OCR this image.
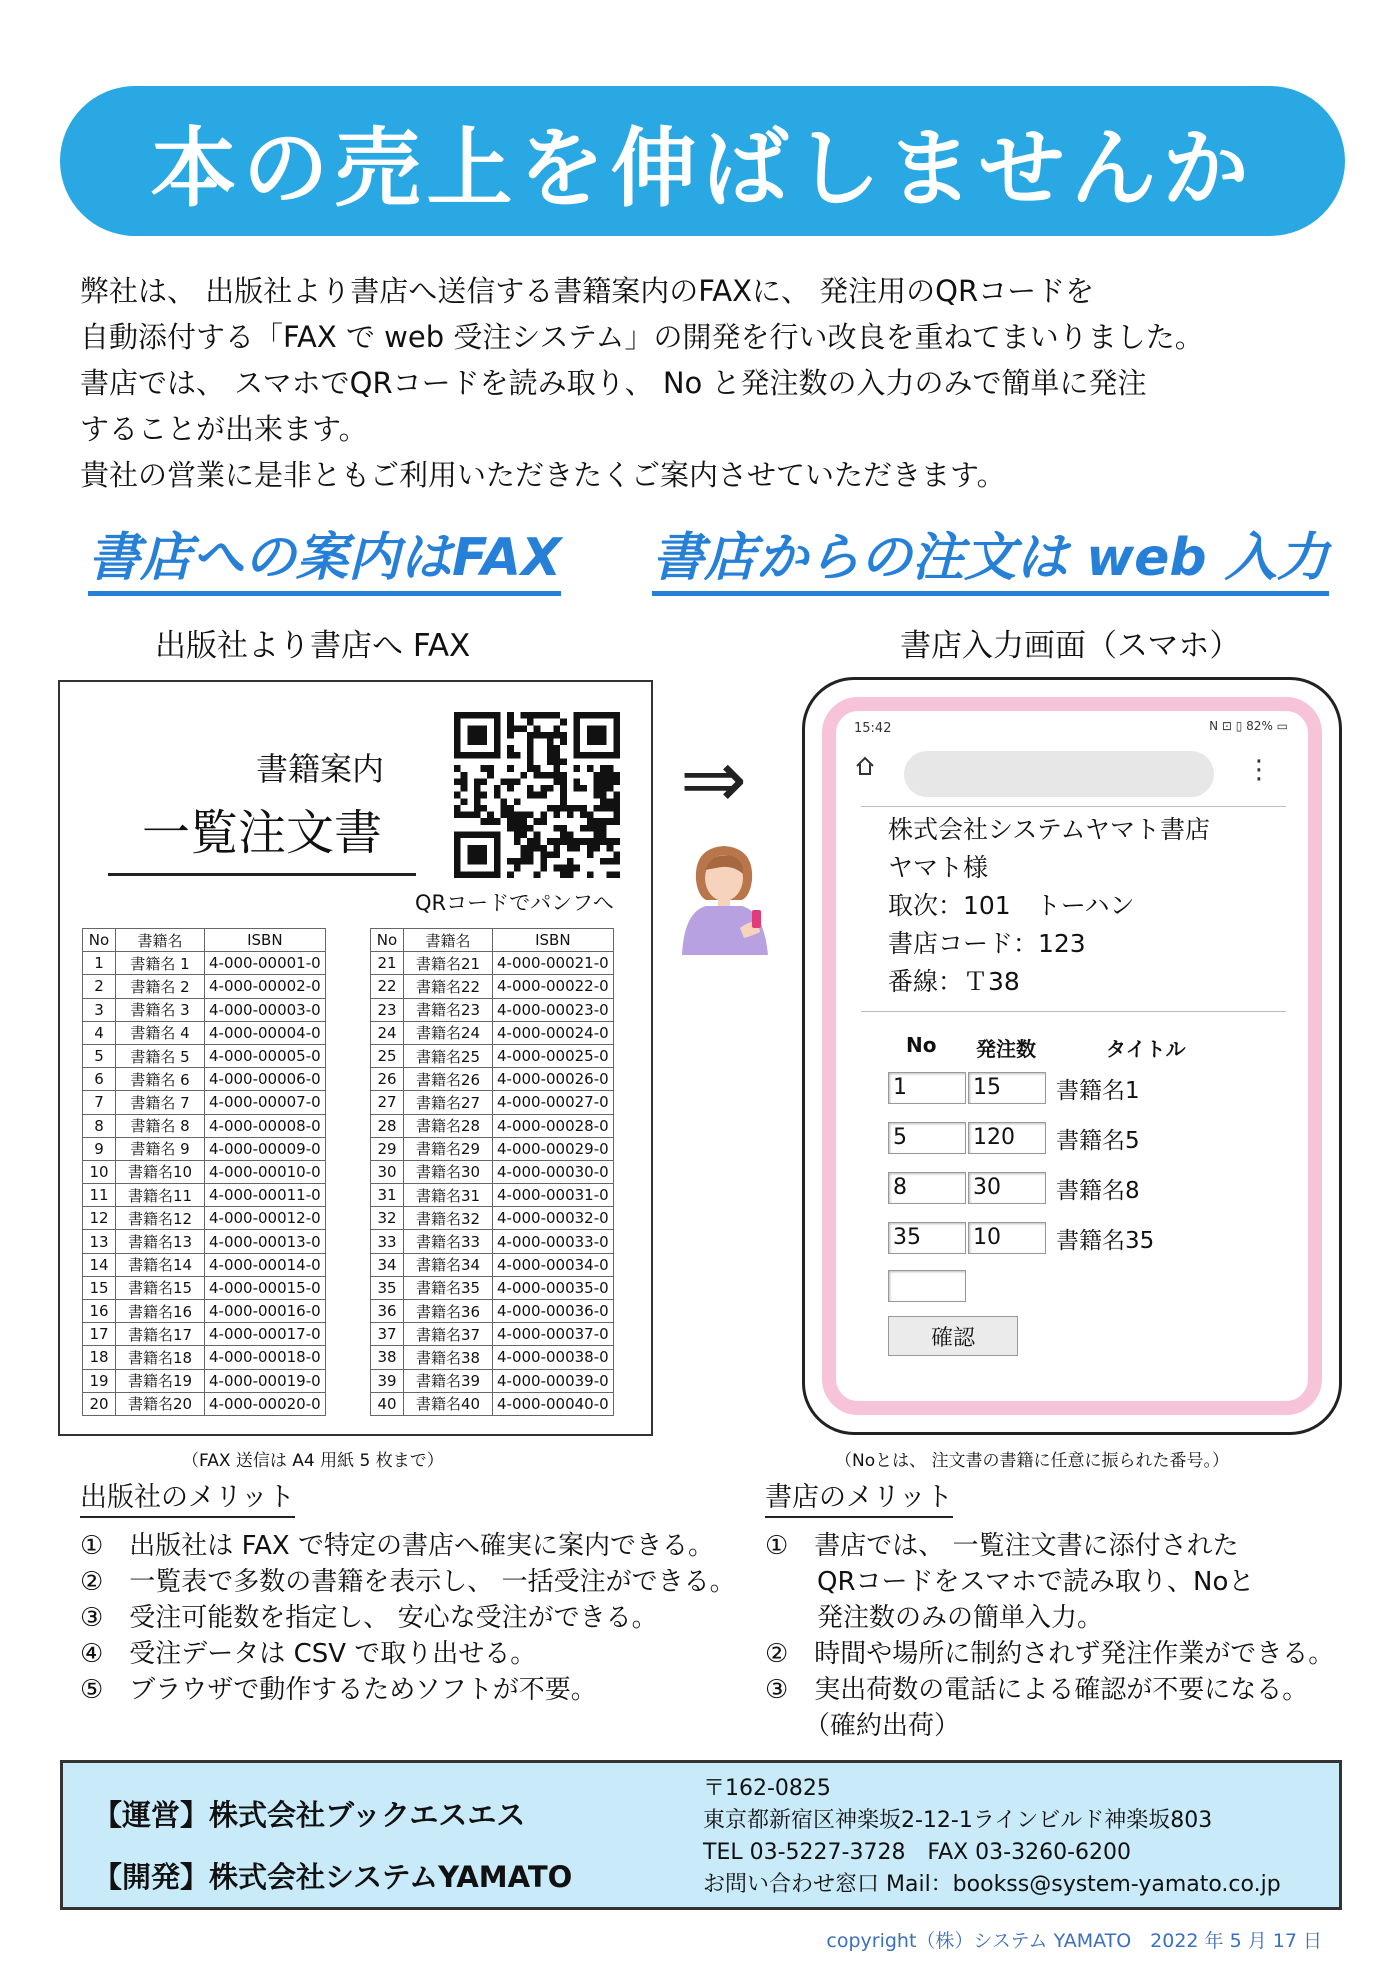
本の売上を伸ばしませんか
弊社は、 出版社より書店へ送信する書籍案内のFAXに、 発注用のQRコードを
自動添付する「FAX で web 受注システム」の開発を行い改良を重ねてまいりました。
書店では、 スマホでQRコードを読み取り、 No と発注数の入力のみで簡単に発注
することが出来ます。
貴社の営業に是非ともご利用いただきたくご案内させていただきます。
書店への案内はFAX 書店からの注文は web 入力
出版社より書店へ FAX	書店入力画面（スマホ）
書籍案内
一覧注文書
QRコードでパンフへ
No	書籍名	ISBN
1	書籍名 1	4-000-00001-0
2	書籍名 2	4-000-00002-0
3	書籍名 3	4-000-00003-0
4	書籍名 4	4-000-00004-0
5	書籍名 5	4-000-00005-0
6	書籍名 6	4-000-00006-0
7	書籍名 7	4-000-00007-0
8	書籍名 8	4-000-00008-0
9	書籍名 9	4-000-00009-0
10	書籍名10	4-000-00010-0
11	書籍名11	4-000-00011-0
12	書籍名12	4-000-00012-0
13	書籍名13	4-000-00013-0
14	書籍名14	4-000-00014-0
15	書籍名15	4-000-00015-0
16	書籍名16	4-000-00016-0
17	書籍名17	4-000-00017-0
18	書籍名18	4-000-00018-0
19	書籍名19	4-000-00019-0
20	書籍名20	4-000-00020-0
No	書籍名	ISBN
21	書籍名21	4-000-00021-0
22	書籍名22	4-000-00022-0
23	書籍名23	4-000-00023-0
24	書籍名24	4-000-00024-0
25	書籍名25	4-000-00025-0
26	書籍名26	4-000-00026-0
27	書籍名27	4-000-00027-0
28	書籍名28	4-000-00028-0
29	書籍名29	4-000-00029-0
30	書籍名30	4-000-00030-0
31	書籍名31	4-000-00031-0
32	書籍名32	4-000-00032-0
33	書籍名33	4-000-00033-0
34	書籍名34	4-000-00034-0
35	書籍名35	4-000-00035-0
36	書籍名36	4-000-00036-0
37	書籍名37	4-000-00037-0
38	書籍名38	4-000-00038-0
39	書籍名39	4-000-00039-0
40	書籍名40	4-000-00040-0
（FAX 送信は A4 用紙 5 枚まで）
⇒
15:42	N ⊡ ▯ 82% ▭
⋮
株式会社システムヤマト書店
ヤマト様
取次：101　トーハン
書店コード：123
番線：Ｔ38
No 発注数	タイトル
1	15	書籍名1
5	120	書籍名5
8	30	書籍名8
35	10	書籍名35
確認
（Noとは、 注文書の書籍に任意に振られた番号。）
出版社のメリット
①　出版社は FAX で特定の書店へ確実に案内できる。
②　一覧表で多数の書籍を表示し、 一括受注ができる。
③　受注可能数を指定し、 安心な受注ができる。
④　受注データは CSV で取り出せる。
⑤　ブラウザで動作するためソフトが不要。
書店のメリット
①　書店では、 一覧注文書に添付された
　　QRコードをスマホで読み取り、Noと
　　発注数のみの簡単入力。
②　時間や場所に制約されず発注作業ができる。
③　実出荷数の電話による確認が不要になる。
　　（確約出荷）
【運営】株式会社ブックエスエス
【開発】株式会社システムYAMATO
〒162-0825
東京都新宿区神楽坂2-12-1ラインビルド神楽坂803
TEL 03-5227-3728　FAX 03-3260-6200
お問い合わせ窓口 Mail：bookss@system-yamato.co.jp
copyright（株）システム YAMATO　2022 年 5 月 17 日
